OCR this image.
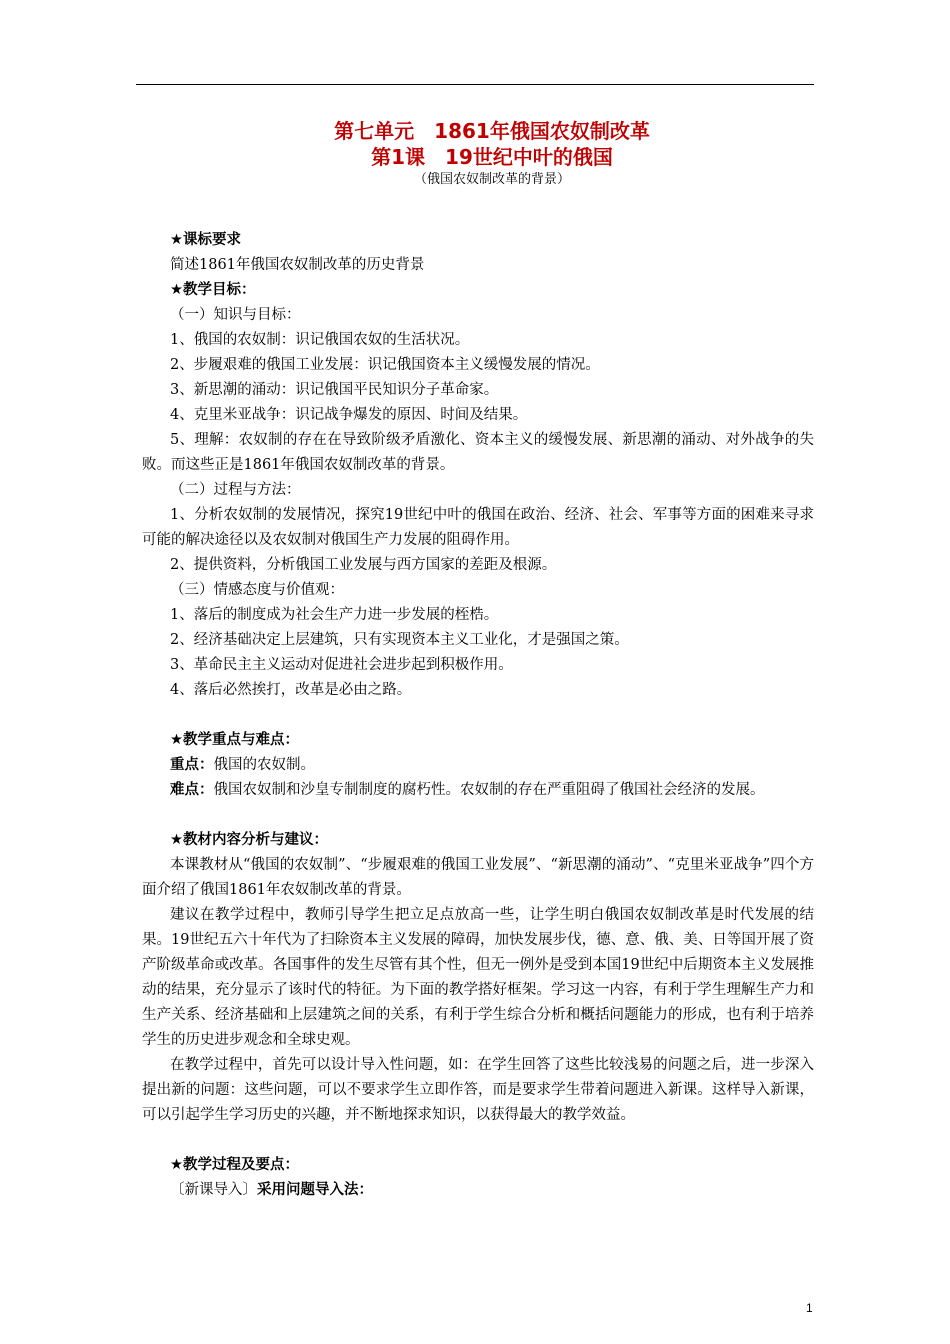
第七单元　1861年俄国农奴制改革

第1课　19世纪中叶的俄国

（俄国农奴制改革的背景）

★课标要求

简述1861年俄国农奴制改革的历史背景

★教学目标：

（一）知识与目标：

1、俄国的农奴制：识记俄国农奴的生活状况。

2、步履艰难的俄国工业发展：识记俄国资本主义缓慢发展的情况。

3、新思潮的涌动：识记俄国平民知识分子革命家。

4、克里米亚战争：识记战争爆发的原因、时间及结果。

5、理解：农奴制的存在在导致阶级矛盾激化、资本主义的缓慢发展、新思潮的涌动、对外战争的失败。而这些正是1861年俄国农奴制改革的背景。

（二）过程与方法：

1、分析农奴制的发展情况，探究19世纪中叶的俄国在政治、经济、社会、军事等方面的困难来寻求可能的解决途径以及农奴制对俄国生产力发展的阻碍作用。

2、提供资料，分析俄国工业发展与西方国家的差距及根源。

（三）情感态度与价值观：

1、落后的制度成为社会生产力进一步发展的桎梏。

2、经济基础决定上层建筑，只有实现资本主义工业化，才是强国之策。

3、革命民主主义运动对促进社会进步起到积极作用。

4、落后必然挨打，改革是必由之路。

★教学重点与难点：

重点：俄国的农奴制。

难点：俄国农奴制和沙皇专制制度的腐朽性。农奴制的存在严重阻碍了俄国社会经济的发展。

★教材内容分析与建议：

本课教材从“俄国的农奴制”、“步履艰难的俄国工业发展”、“新思潮的涌动”、“克里米亚战争”四个方面介绍了俄国1861年农奴制改革的背景。

建议在教学过程中，教师引导学生把立足点放高一些，让学生明白俄国农奴制改革是时代发展的结果。19世纪五六十年代为了扫除资本主义发展的障碍，加快发展步伐，德、意、俄、美、日等国开展了资产阶级革命或改革。各国事件的发生尽管有其个性，但无一例外是受到本国19世纪中后期资本主义发展推动的结果，充分显示了该时代的特征。为下面的教学搭好框架。学习这一内容，有利于学生理解生产力和生产关系、经济基础和上层建筑之间的关系，有利于学生综合分析和概括问题能力的形成，也有利于培养学生的历史进步观念和全球史观。

在教学过程中，首先可以设计导入性问题，如：在学生回答了这些比较浅易的问题之后，进一步深入提出新的问题：这些问题，可以不要求学生立即作答，而是要求学生带着问题进入新课。这样导入新课，可以引起学生学习历史的兴趣，并不断地探求知识，以获得最大的教学效益。

★教学过程及要点：

〔新课导入〕采用问题导入法：

1
